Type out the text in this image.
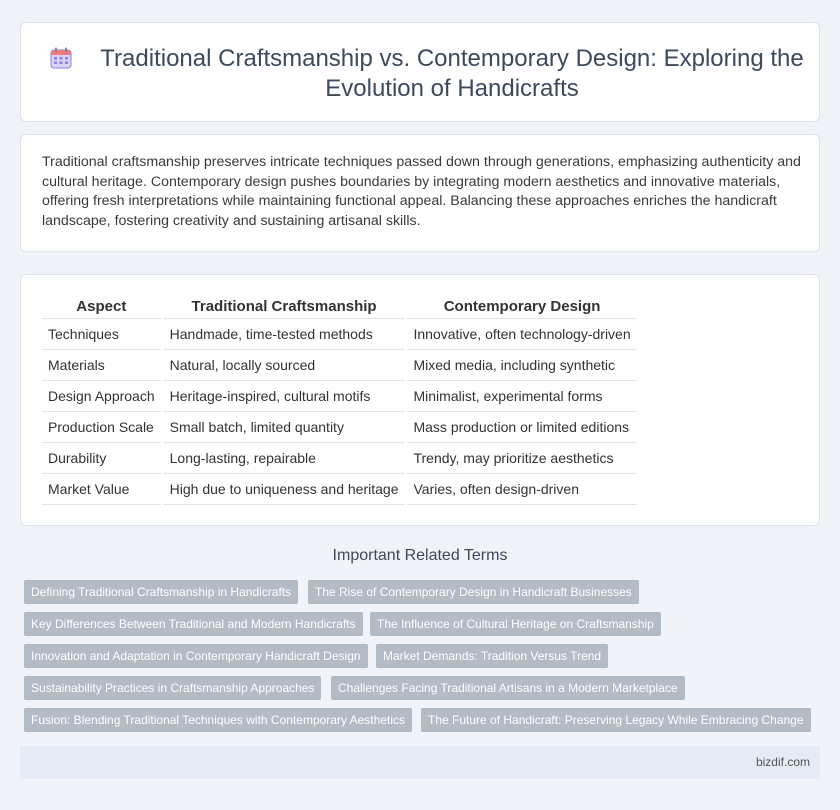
Traditional Craftsmanship vs. Contemporary Design: Exploring the Evolution of Handicrafts

Traditional craftsmanship preserves intricate techniques passed down through generations, emphasizing authenticity and cultural heritage. Contemporary design pushes boundaries by integrating modern aesthetics and innovative materials, offering fresh interpretations while maintaining functional appeal. Balancing these approaches enriches the handicraft landscape, fostering creativity and sustaining artisanal skills.

Aspect	Traditional Craftsmanship	Contemporary Design
Techniques	Handmade, time-tested methods	Innovative, often technology-driven
Materials	Natural, locally sourced	Mixed media, including synthetic
Design Approach	Heritage-inspired, cultural motifs	Minimalist, experimental forms
Production Scale	Small batch, limited quantity	Mass production or limited editions
Durability	Long-lasting, repairable	Trendy, may prioritize aesthetics
Market Value	High due to uniqueness and heritage	Varies, often design-driven
Important Related Terms
Defining Traditional Craftsmanship in Handicrafts	The Rise of Contemporary Design in Handicraft Businesses
Key Differences Between Traditional and Modern Handicrafts	The Influence of Cultural Heritage on Craftsmanship
Innovation and Adaptation in Contemporary Handicraft Design	Market Demands: Tradition Versus Trend
Sustainability Practices in Craftsmanship Approaches	Challenges Facing Traditional Artisans in a Modern Marketplace
Fusion: Blending Traditional Techniques with Contemporary Aesthetics	The Future of Handicraft: Preserving Legacy While Embracing Change
bizdif.com
